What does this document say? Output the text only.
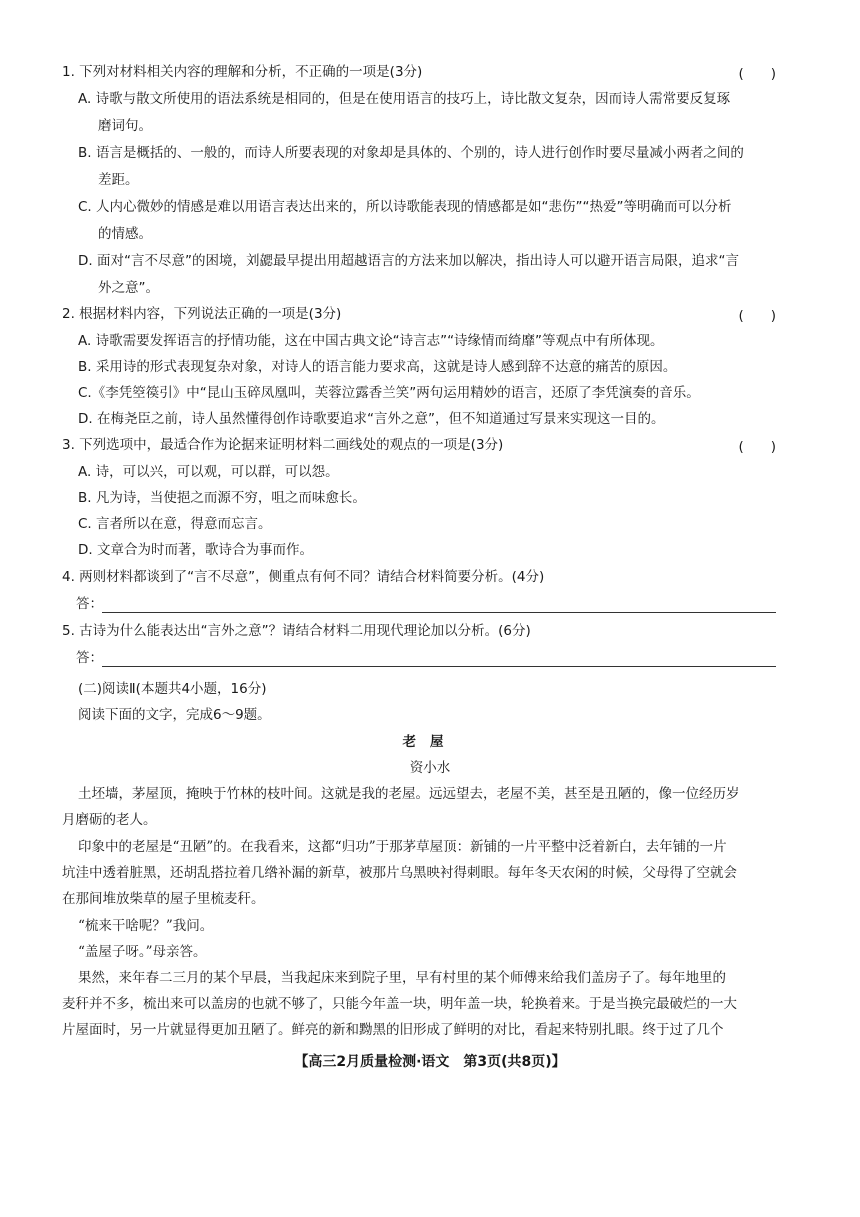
1. 下列对材料相关内容的理解和分析，不正确的一项是(3分)	(　　)
A. 诗歌与散文所使用的语法系统是相同的，但是在使用语言的技巧上，诗比散文复杂，因而诗人需常要反复琢
磨词句。
B. 语言是概括的、一般的，而诗人所要表现的对象却是具体的、个别的，诗人进行创作时要尽量减小两者之间的
差距。
C. 人内心微妙的情感是难以用语言表达出来的，所以诗歌能表现的情感都是如“悲伤”“热爱”等明确而可以分析
的情感。
D. 面对“言不尽意”的困境，刘勰最早提出用超越语言的方法来加以解决，指出诗人可以避开语言局限，追求“言
外之意”。
2. 根据材料内容，下列说法正确的一项是(3分)	(　　)
A. 诗歌需要发挥语言的抒情功能，这在中国古典文论“诗言志”“诗缘情而绮靡”等观点中有所体现。
B. 采用诗的形式表现复杂对象，对诗人的语言能力要求高，这就是诗人感到辞不达意的痛苦的原因。
C.《李凭箜篌引》中“昆山玉碎凤凰叫，芙蓉泣露香兰笑”两句运用精妙的语言，还原了李凭演奏的音乐。
D. 在梅尧臣之前，诗人虽然懂得创作诗歌要追求“言外之意”，但不知道通过写景来实现这一目的。
3. 下列选项中，最适合作为论据来证明材料二画线处的观点的一项是(3分)	(　　)
A. 诗，可以兴，可以观，可以群，可以怨。
B. 凡为诗，当使挹之而源不穷，咀之而味愈长。
C. 言者所以在意，得意而忘言。
D. 文章合为时而著，歌诗合为事而作。
4. 两则材料都谈到了“言不尽意”，侧重点有何不同？请结合材料简要分析。(4分)
答：
5. 古诗为什么能表达出“言外之意”？请结合材料二用现代理论加以分析。(6分)
答：
(二)阅读Ⅱ(本题共4小题，16分)
阅读下面的文字，完成6～9题。
老屋
资小水
土坯墙，茅屋顶，掩映于竹林的枝叶间。这就是我的老屋。远远望去，老屋不美，甚至是丑陋的，像一位经历岁
月磨砺的老人。
印象中的老屋是“丑陋”的。在我看来，这都“归功”于那茅草屋顶：新铺的一片平整中泛着新白，去年铺的一片
坑洼中透着脏黑，还胡乱搭拉着几绺补漏的新草，被那片乌黑映衬得刺眼。每年冬天农闲的时候，父母得了空就会
在那间堆放柴草的屋子里梳麦秆。
“梳来干啥呢？”我问。
“盖屋子呀。”母亲答。
果然，来年春二三月的某个早晨，当我起床来到院子里，早有村里的某个师傅来给我们盖房子了。每年地里的
麦秆并不多，梳出来可以盖房的也就不够了，只能今年盖一块，明年盖一块，轮换着来。于是当换完最破烂的一大
片屋面时，另一片就显得更加丑陋了。鲜亮的新和黝黑的旧形成了鲜明的对比，看起来特别扎眼。终于过了几个
【高三2月质量检测·语文　第3页(共8页)】
